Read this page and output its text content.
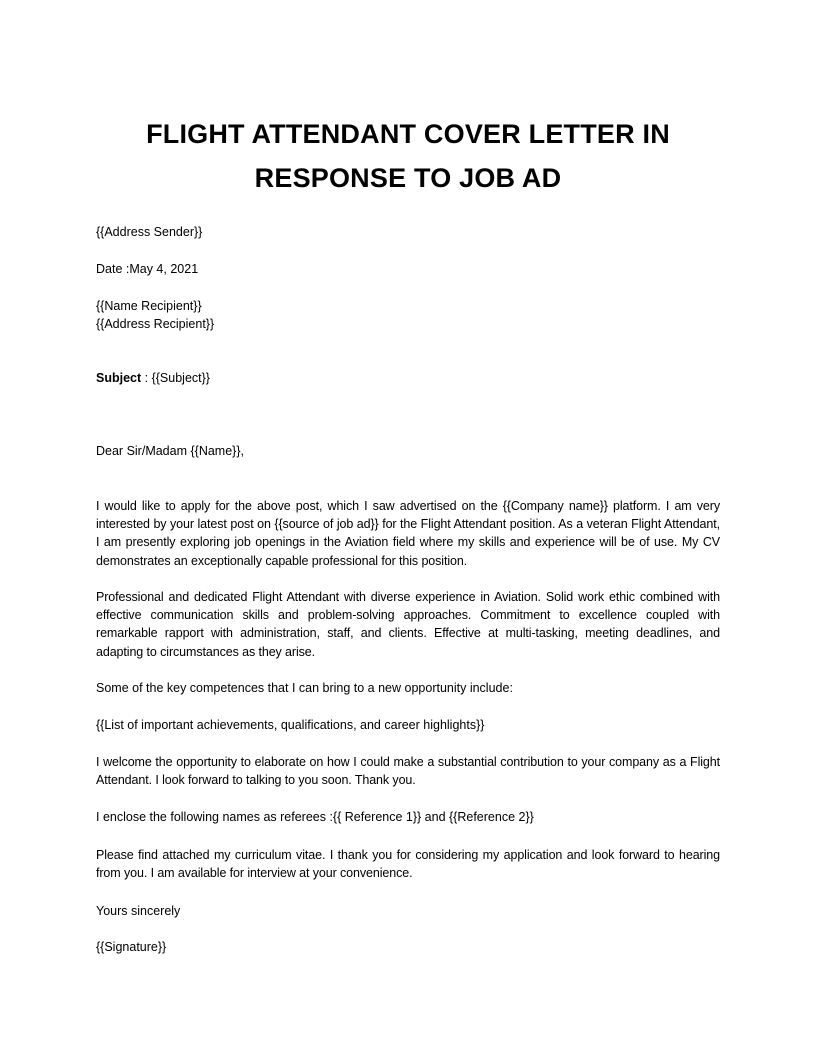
FLIGHT ATTENDANT COVER LETTER IN
RESPONSE TO JOB AD
{{Address Sender}}
Date :May 4, 2021
{{Name Recipient}}
{{Address Recipient}}
Subject : {{Subject}}
Dear Sir/Madam {{Name}},
I would like to apply for the above post, which I saw advertised on the {{Company name}} platform. I am very interested by your latest post on {{source of job ad}} for the Flight Attendant position. As a veteran Flight Attendant, I am presently exploring job openings in the Aviation field where my skills and experience will be of use. My CV demonstrates an exceptionally capable professional for this position.
Professional and dedicated Flight Attendant with diverse experience in Aviation. Solid work ethic combined with effective communication skills and problem-solving approaches. Commitment to excellence coupled with remarkable rapport with administration, staff, and clients. Effective at multi-tasking, meeting deadlines, and adapting to circumstances as they arise.
Some of the key competences that I can bring to a new opportunity include:
{{List of important achievements, qualifications, and career highlights}}
I welcome the opportunity to elaborate on how I could make a substantial contribution to your company as a Flight Attendant. I look forward to talking to you soon. Thank you.
I enclose the following names as referees :{{ Reference 1}} and {{Reference 2}}
Please find attached my curriculum vitae. I thank you for considering my application and look forward to hearing from you. I am available for interview at your convenience.
Yours sincerely
{{Signature}}
